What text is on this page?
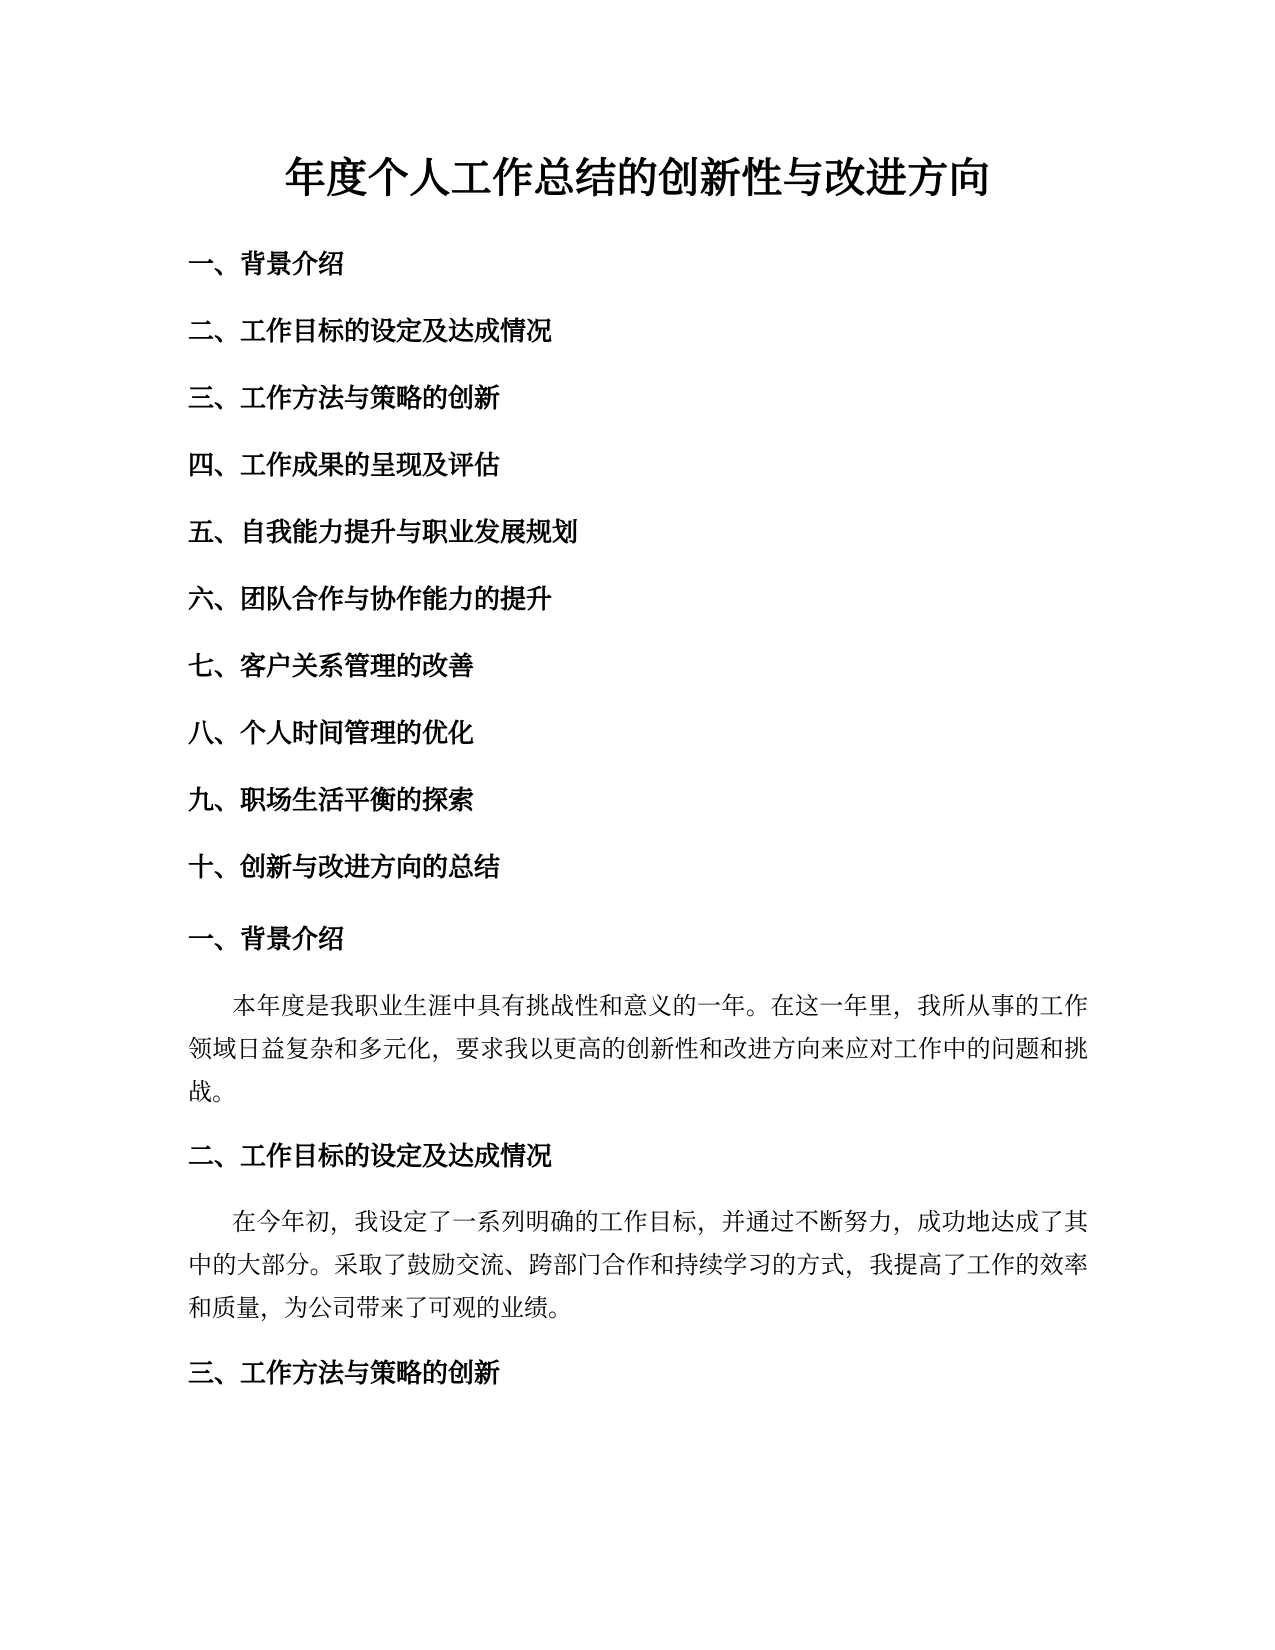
年度个人工作总结的创新性与改进方向
一、背景介绍
二、工作目标的设定及达成情况
三、工作方法与策略的创新
四、工作成果的呈现及评估
五、自我能力提升与职业发展规划
六、团队合作与协作能力的提升
七、客户关系管理的改善
八、个人时间管理的优化
九、职场生活平衡的探索
十、创新与改进方向的总结
一、背景介绍

本年度是我职业生涯中具有挑战性和意义的一年。在这一年里，我所从事的工作领域日益复杂和多元化，要求我以更高的创新性和改进方向来应对工作中的问题和挑战。

二、工作目标的设定及达成情况

在今年初，我设定了一系列明确的工作目标，并通过不断努力，成功地达成了其中的大部分。采取了鼓励交流、跨部门合作和持续学习的方式，我提高了工作的效率和质量，为公司带来了可观的业绩。

三、工作方法与策略的创新
